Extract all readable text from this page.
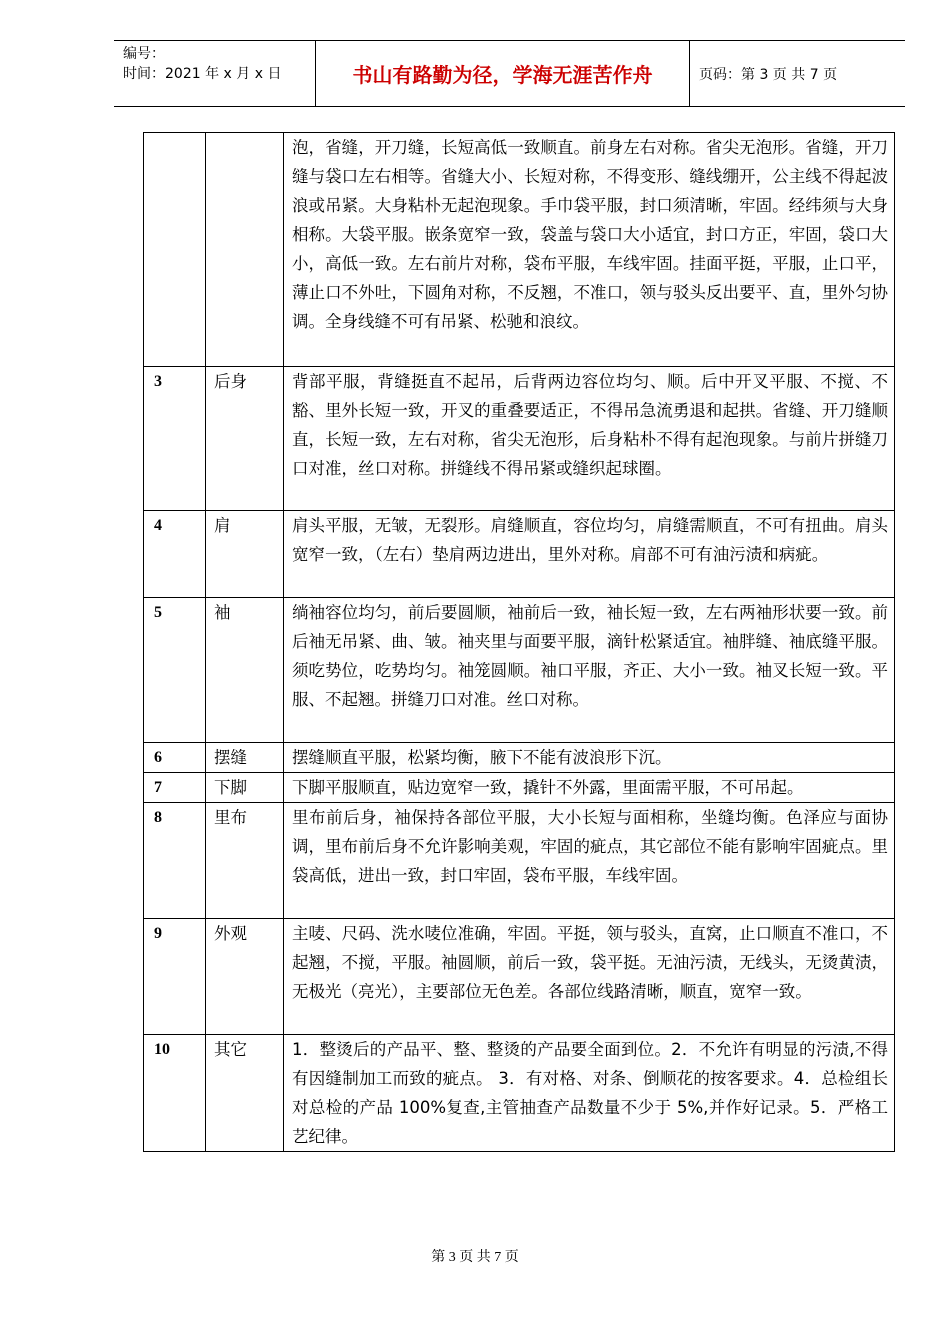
编号：
时间：2021 年 x 月 x 日	书山有路勤为径，学海无涯苦作舟	页码：第 3 页 共 7 页
		泡，省缝，开刀缝，长短高低一致顺直。前身左右对称。省尖无泡形。省缝，开刀缝与袋口左右相等。省缝大小、长短对称，不得变形、缝线绷开，公主线不得起波浪或吊紧。大身粘朴无起泡现象。手巾袋平服，封口须清晰，牢固。经纬须与大身相称。大袋平服。嵌条宽窄一致，袋盖与袋口大小适宜，封口方正，牢固，袋口大小，高低一致。左右前片对称，袋布平服，车线牢固。挂面平挺，平服，止口平，薄止口不外吐，下圆角对称，不反翘，不准口，领与驳头反出要平、直，里外匀协调。全身线缝不可有吊紧、松驰和浪纹。
3	后身	背部平服，背缝挺直不起吊，后背两边容位均匀、顺。后中开叉平服、不搅、不豁、里外长短一致，开叉的重叠要适正，不得吊急流勇退和起拱。省缝、开刀缝顺直，长短一致，左右对称，省尖无泡形，后身粘朴不得有起泡现象。与前片拼缝刀口对准，丝口对称。拼缝线不得吊紧或缝织起球圈。
4	肩	肩头平服，无皱，无裂形。肩缝顺直，容位均匀，肩缝需顺直，不可有扭曲。肩头宽窄一致，（左右）垫肩两边进出，里外对称。肩部不可有油污渍和病疵。
5	袖	绱袖容位均匀，前后要圆顺，袖前后一致，袖长短一致，左右两袖形状要一致。前后袖无吊紧、曲、皱。袖夹里与面要平服，滴针松紧适宜。袖胖缝、袖底缝平服。须吃势位，吃势均匀。袖笼圆顺。袖口平服，齐正、大小一致。袖叉长短一致。平服、不起翘。拼缝刀口对准。丝口对称。
6	摆缝	摆缝顺直平服，松紧均衡，腋下不能有波浪形下沉。
7	下脚	下脚平服顺直，贴边宽窄一致，撬针不外露，里面需平服，不可吊起。
8	里布	里布前后身，袖保持各部位平服，大小长短与面相称，坐缝均衡。色泽应与面协调，里布前后身不允许影响美观，牢固的疵点，其它部位不能有影响牢固疵点。里袋高低，进出一致，封口牢固，袋布平服，车线牢固。
9	外观	主唛、尺码、洗水唛位准确，牢固。平挺，领与驳头，直窝，止口顺直不准口，不起翘，不搅，平服。袖圆顺，前后一致，袋平挺。无油污渍，无线头，无烫黄渍，无极光（亮光），主要部位无色差。各部位线路清晰，顺直，宽窄一致。
10	其它	1．整烫后的产品平、整、整烫的产品要全面到位。2．不允许有明显的污渍,不得有因缝制加工而致的疵点。 3．有对格、对条、倒顺花的按客要求。4．总检组长对总检的产品 100%复查,主管抽查产品数量不少于 5%,并作好记录。5．严格工艺纪律。
第 3 页 共 7 页
